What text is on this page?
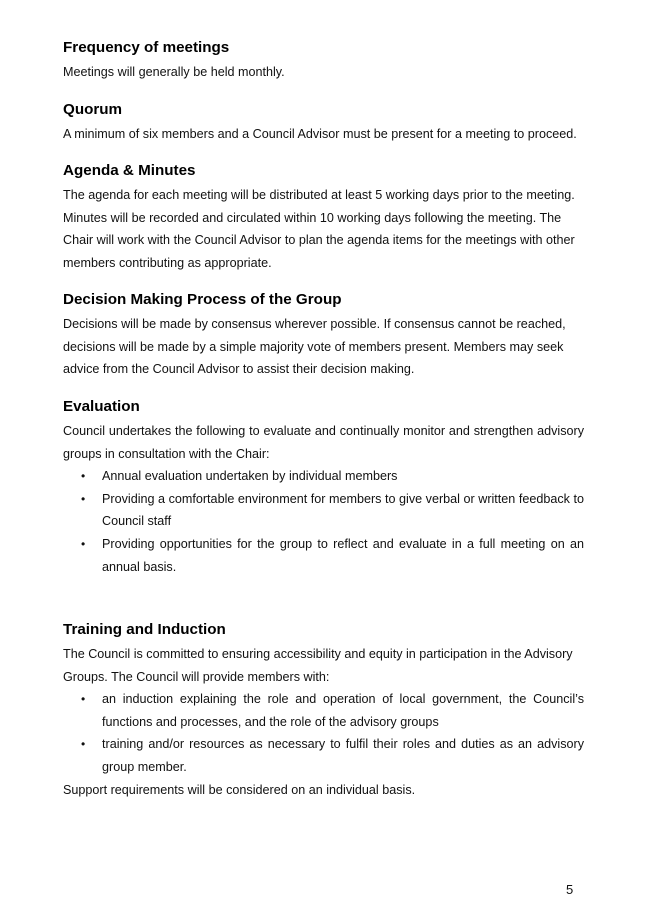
Frequency of meetings

Meetings will generally be held monthly.

Quorum

A minimum of six members and a Council Advisor must be present for a meeting to proceed.

Agenda & Minutes

The agenda for each meeting will be distributed at least 5 working days prior to the meeting. Minutes will be recorded and circulated within 10 working days following the meeting. The Chair will work with the Council Advisor to plan the agenda items for the meetings with other members contributing as appropriate.

Decision Making Process of the Group

Decisions will be made by consensus wherever possible. If consensus cannot be reached, decisions will be made by a simple majority vote of members present. Members may seek advice from the Council Advisor to assist their decision making.

Evaluation

Council undertakes the following to evaluate and continually monitor and strengthen advisory groups in consultation with the Chair:

• Annual evaluation undertaken by individual members
• Providing a comfortable environment for members to give verbal or written feedback to Council staff
• Providing opportunities for the group to reflect and evaluate in a full meeting on an annual basis.
Training and Induction

The Council is committed to ensuring accessibility and equity in participation in the Advisory Groups. The Council will provide members with:

• an induction explaining the role and operation of local government, the Council’s functions and processes, and the role of the advisory groups
• training and/or resources as necessary to fulfil their roles and duties as an advisory group member.

Support requirements will be considered on an individual basis.

5
